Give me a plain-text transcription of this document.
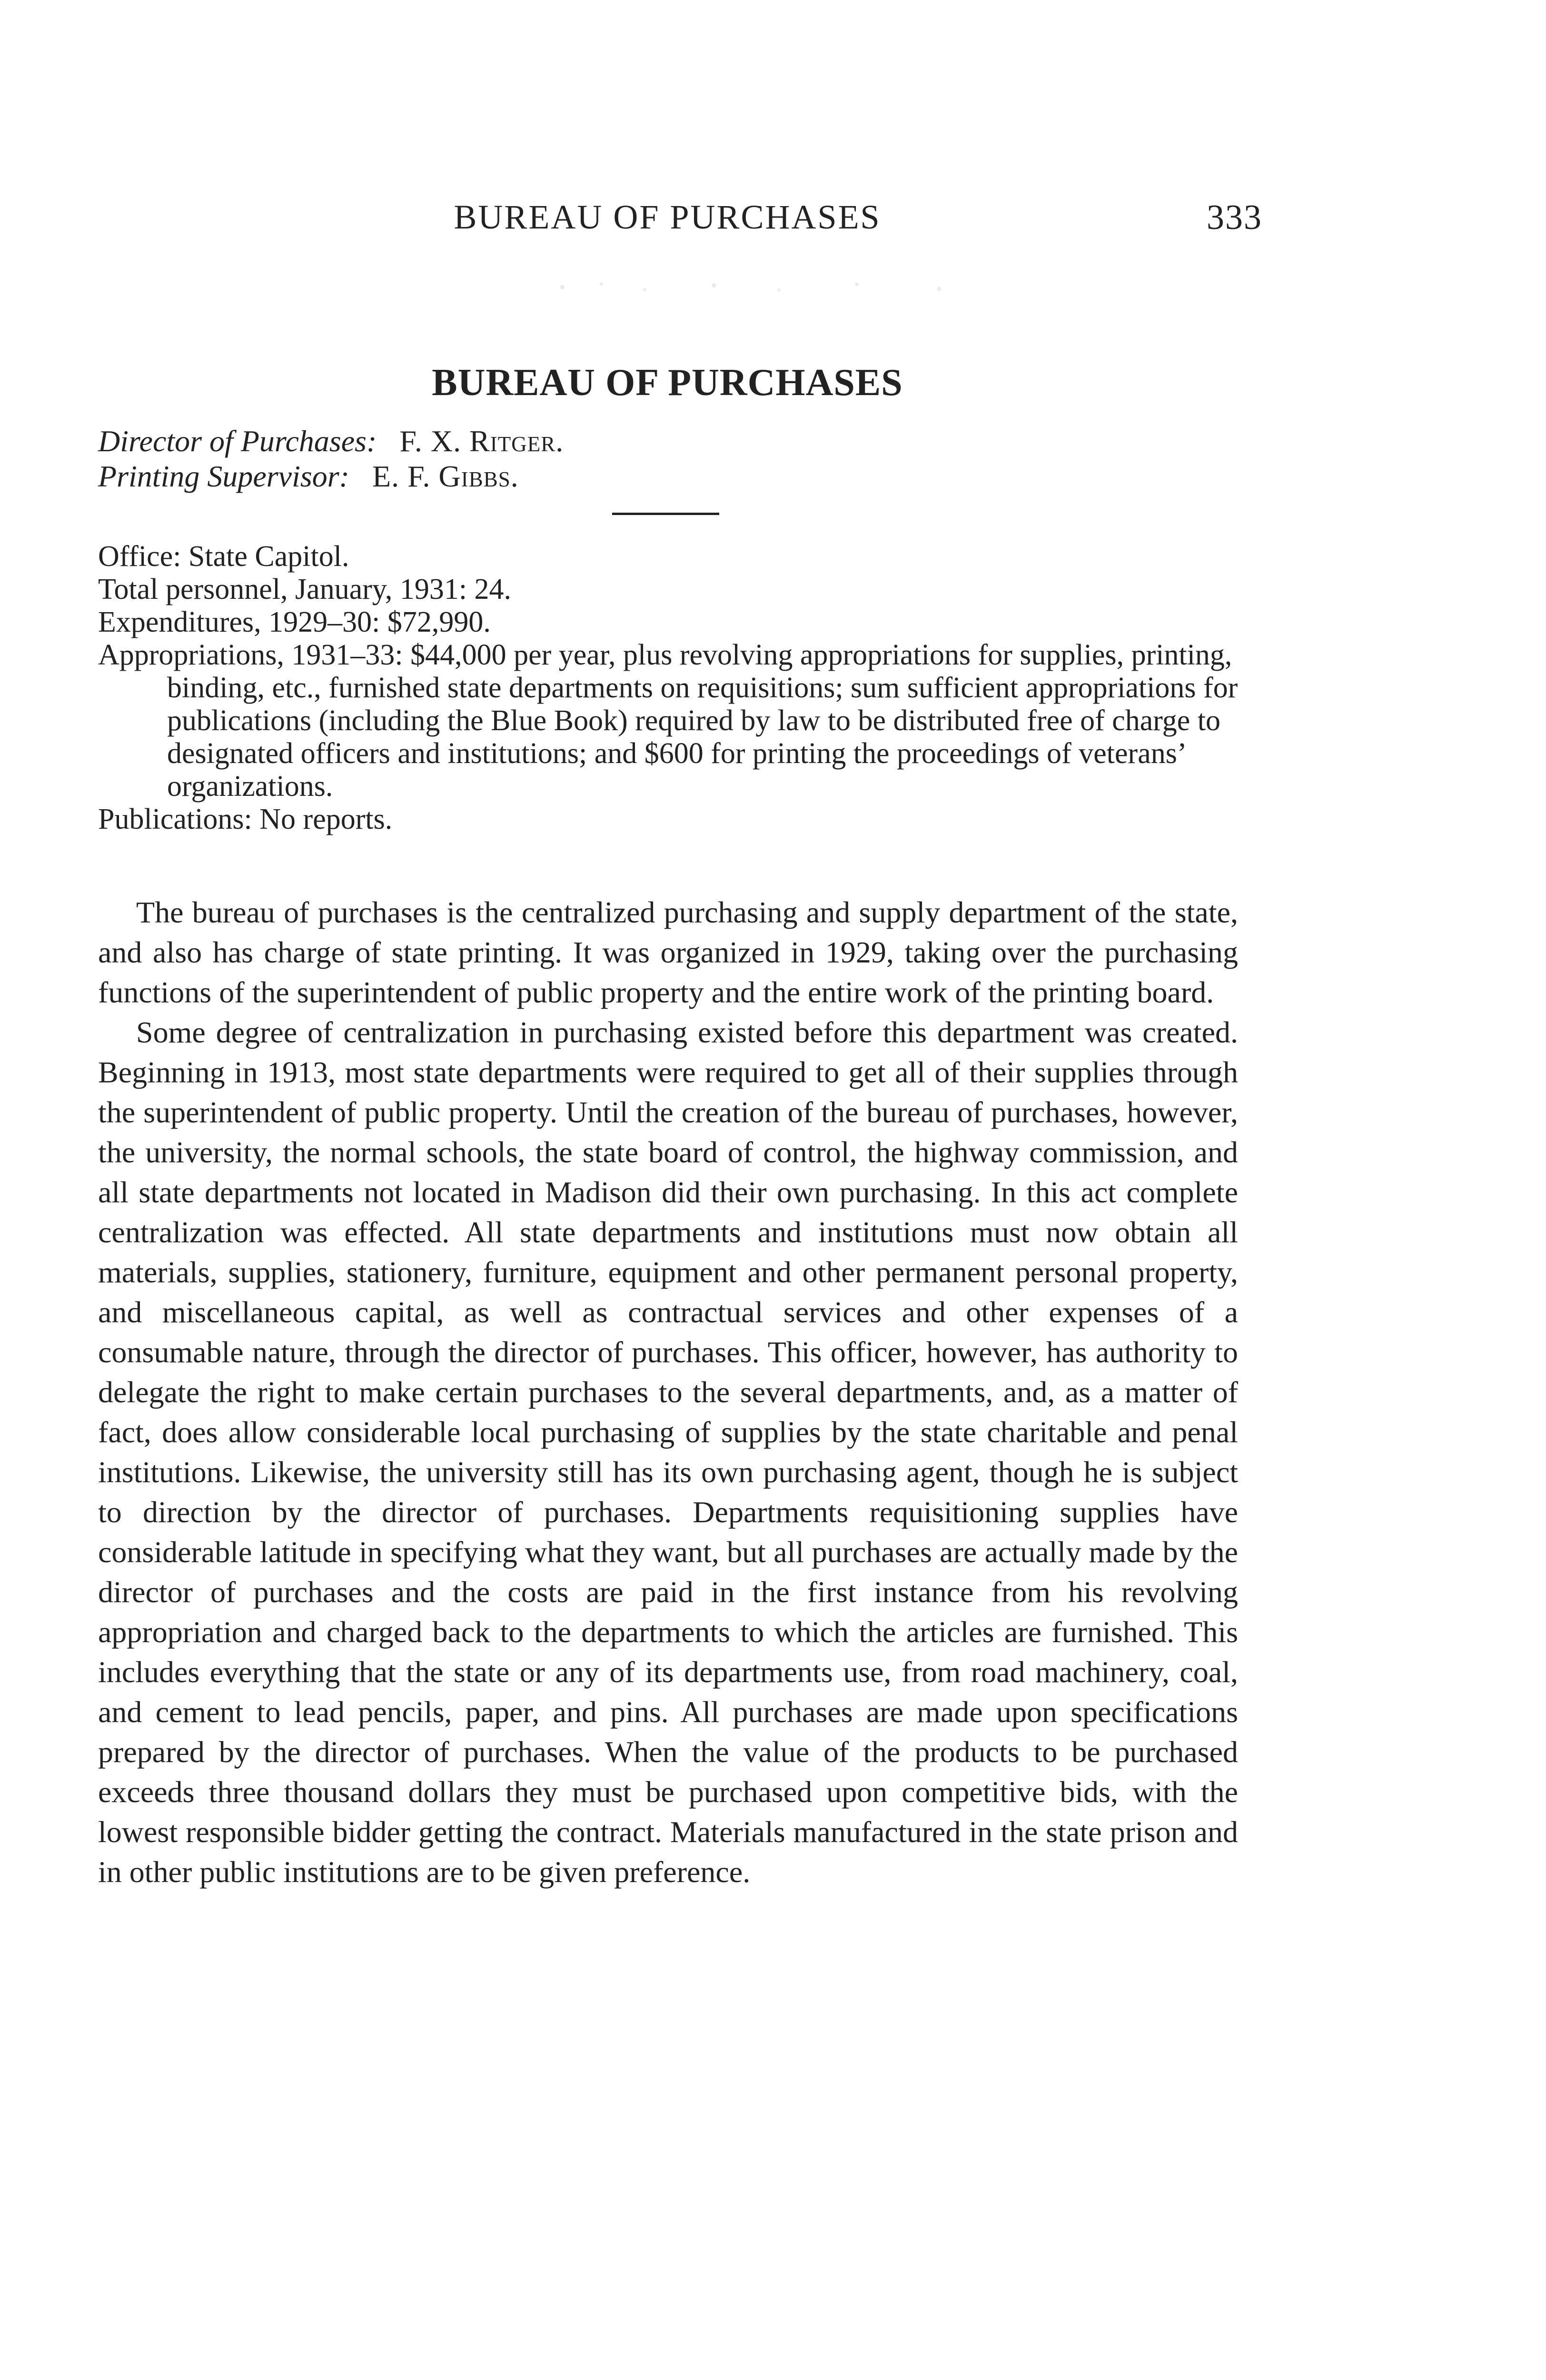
BUREAU OF PURCHASES	333
BUREAU OF PURCHASES
Director of Purchases: F. X. Ritger.
Printing Supervisor: E. F. Gibbs.

Office: State Capitol.

Total personnel, January, 1931: 24.

Expenditures, 1929–30: $72,990.

Appropriations, 1931–33: $44,000 per year, plus revolving appropriations for supplies, printing, binding, etc., furnished state departments on requisitions; sum sufficient appropriations for publications (including the Blue Book) required by law to be distributed free of charge to designated officers and institutions; and $600 for printing the proceedings of veterans’ organizations.

Publications: No reports.

The bureau of purchases is the centralized purchasing and supply department of the state, and also has charge of state printing. It was organized in 1929, taking over the purchasing functions of the superintendent of public property and the entire work of the printing board.

Some degree of centralization in purchasing existed before this department was created. Beginning in 1913, most state departments were required to get all of their supplies through the superintendent of public property. Until the creation of the bureau of purchases, however, the university, the normal schools, the state board of control, the highway commission, and all state departments not located in Madison did their own purchasing. In this act complete centralization was effected. All state departments and institutions must now obtain all materials, supplies, stationery, furniture, equipment and other permanent personal property, and miscellaneous capital, as well as contractual services and other expenses of a consumable nature, through the director of purchases. This officer, however, has authority to delegate the right to make certain purchases to the several departments, and, as a matter of fact, does allow considerable local purchasing of supplies by the state charitable and penal institutions. Likewise, the university still has its own purchasing agent, though he is subject to direction by the director of purchases. Departments requisitioning supplies have considerable latitude in specifying what they want, but all purchases are actually made by the director of purchases and the costs are paid in the first instance from his revolving appropriation and charged back to the departments to which the articles are furnished. This includes everything that the state or any of its departments use, from road machinery, coal, and cement to lead pencils, paper, and pins. All purchases are made upon specifications prepared by the director of purchases. When the value of the products to be purchased exceeds three thousand dollars they must be purchased upon competitive bids, with the lowest responsible bidder getting the contract. Materials manufactured in the state prison and in other public institutions are to be given preference.
